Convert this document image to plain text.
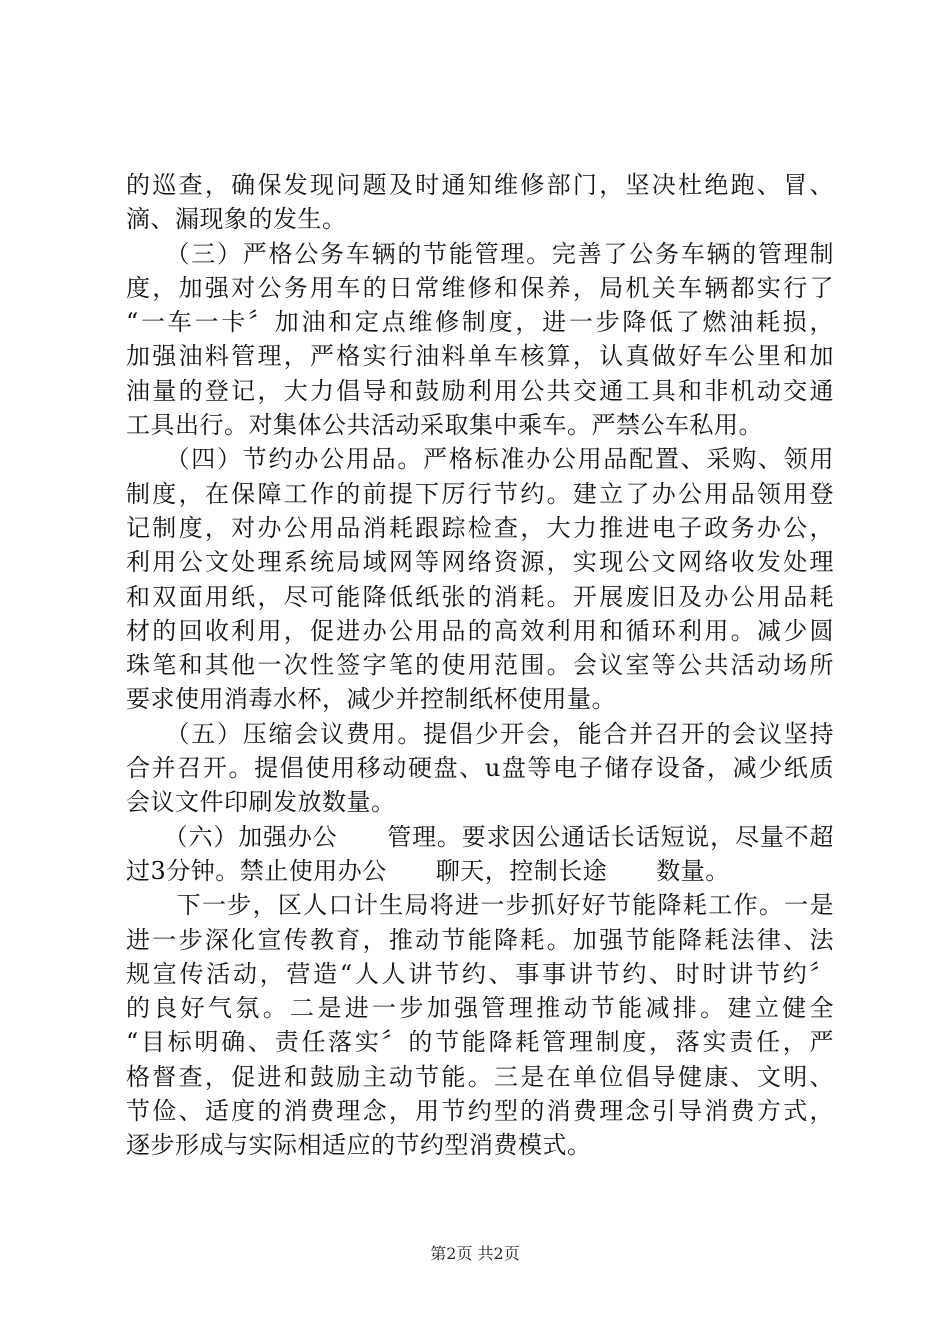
的巡查，确保发现问题及时通知维修部门，坚决杜绝跑、冒、
滴、漏现象的发生。
　　（三）严格公务车辆的节能管理。完善了公务车辆的管理制
度，加强对公务用车的日常维修和保养，局机关车辆都实行了
“一车一卡〞加油和定点维修制度，进一步降低了燃油耗损，
加强油料管理，严格实行油料单车核算，认真做好车公里和加
油量的登记，大力倡导和鼓励利用公共交通工具和非机动交通
工具出行。对集体公共活动采取集中乘车。严禁公车私用。
　　（四）节约办公用品。严格标准办公用品配置、采购、领用
制度，在保障工作的前提下厉行节约。建立了办公用品领用登
记制度，对办公用品消耗跟踪检查，大力推进电子政务办公，
利用公文处理系统局域网等网络资源，实现公文网络收发处理
和双面用纸，尽可能降低纸张的消耗。开展废旧及办公用品耗
材的回收利用，促进办公用品的高效利用和循环利用。减少圆
珠笔和其他一次性签字笔的使用范围。会议室等公共活动场所
要求使用消毒水杯，减少并控制纸杯使用量。
　　（五）压缩会议费用。提倡少开会，能合并召开的会议坚持
合并召开。提倡使用移动硬盘、u盘等电子储存设备，减少纸质
会议文件印刷发放数量。
　　（六）加强办公　　管理。要求因公通话长话短说，尽量不超
过3分钟。禁止使用办公　　聊天，控制长途　　数量。
　　下一步，区人口计生局将进一步抓好好节能降耗工作。一是
进一步深化宣传教育，推动节能降耗。加强节能降耗法律、法
规宣传活动，营造“人人讲节约、事事讲节约、时时讲节约〞
的良好气氛。二是进一步加强管理推动节能减排。建立健全
“目标明确、责任落实〞的节能降耗管理制度，落实责任，严
格督查，促进和鼓励主动节能。三是在单位倡导健康、文明、
节俭、适度的消费理念，用节约型的消费理念引导消费方式，
逐步形成与实际相适应的节约型消费模式。
第2页 共2页
